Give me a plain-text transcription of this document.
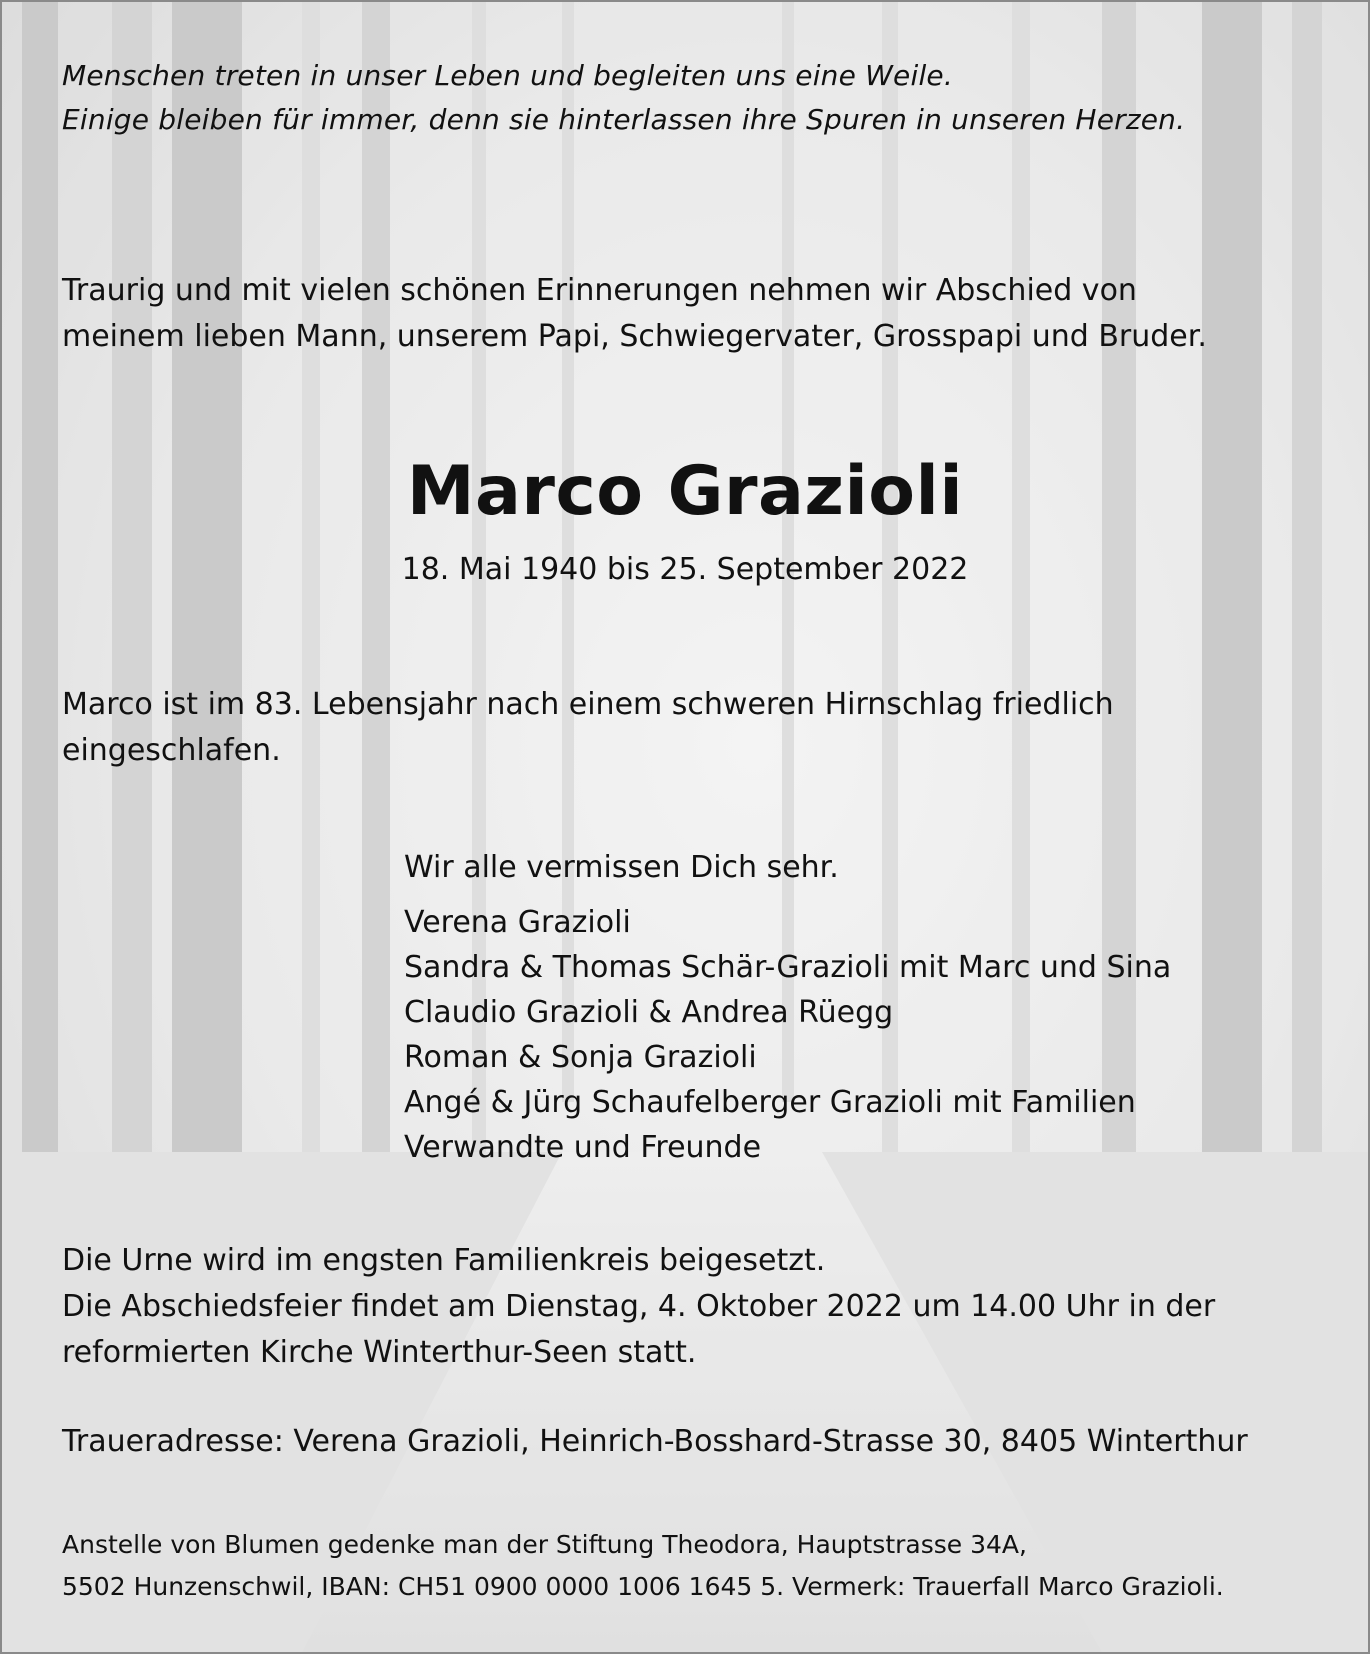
Menschen treten in unser Leben und begleiten uns eine Weile.
Einige bleiben für immer, denn sie hinterlassen ihre Spuren in unseren Herzen.

Traurig und mit vielen schönen Erinnerungen nehmen wir Abschied von
meinem lieben Mann, unserem Papi, Schwiegervater, Grosspapi und Bruder.

Marco Grazioli

18. Mai 1940 bis 25. September 2022

Marco ist im 83. Lebensjahr nach einem schweren Hirnschlag friedlich
eingeschlafen.

Wir alle vermissen Dich sehr.

Verena Grazioli
Sandra & Thomas Schär-Grazioli mit Marc und Sina
Claudio Grazioli & Andrea Rüegg
Roman & Sonja Grazioli
Angé & Jürg Schaufelberger Grazioli mit Familien
Verwandte und Freunde

Die Urne wird im engsten Familienkreis beigesetzt.
Die Abschiedsfeier findet am Dienstag, 4. Oktober 2022 um 14.00 Uhr in der
reformierten Kirche Winterthur-Seen statt.

Traueradresse: Verena Grazioli, Heinrich-Bosshard-Strasse 30, 8405 Winterthur

Anstelle von Blumen gedenke man der Stiftung Theodora, Hauptstrasse 34A,
5502 Hunzenschwil, IBAN: CH51 0900 0000 1006 1645 5. Vermerk: Trauerfall Marco Grazioli.
